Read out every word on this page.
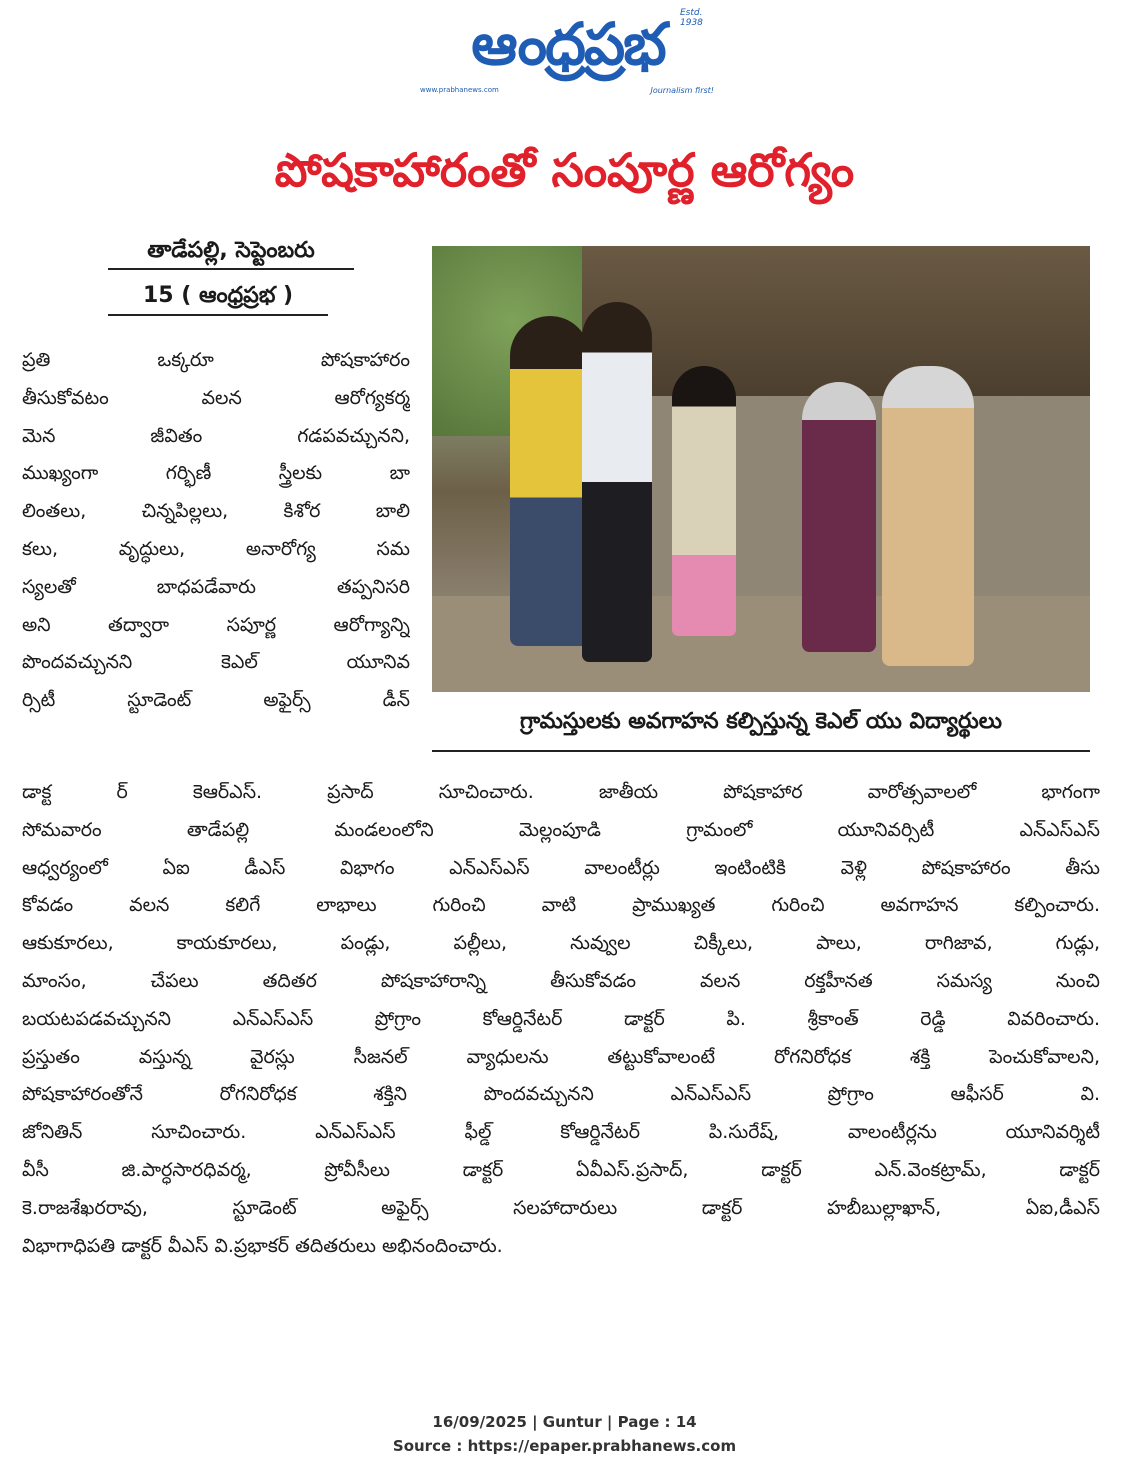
ఆంధ్రప్రభ	Estd. 1938
www.prabhanews.com	Journalism first!
పోషకాహారంతో సంపూర్ణ ఆరోగ్యం
తాడేపల్లి, సెప్టెంబరు
15 ( ఆంధ్రప్రభ )
ప్రతి ఒక్కరూ పోషకాహారం
తీసుకోవటం వలన ఆరోగ్యకర్మ
మెన జీవితం గడపవచ్చునని,
ముఖ్యంగా గర్భిణీ స్త్రీలకు బా
లింతలు, చిన్నపిల్లలు, కిశోర బాలి
కలు, వృద్ధులు, అనారోగ్య సమ
స్యలతో బాధపడేవారు తప్పనిసరి
అని తద్వారా సపూర్ణ ఆరోగ్యాన్ని
పొందవచ్చునని కెఎల్ యూనివ
ర్సిటీ స్టూడెంట్ అఫైర్స్ డీన్
గ్రామస్తులకు అవగాహన కల్పిస్తున్న కెఎల్ యు విద్యార్థులు
డాక్ట ర్ కెఆర్ఎస్. ప్రసాద్ సూచించారు. జాతీయ పోషకాహార వారోత్సవాలలో భాగంగా
సోమవారం తాడేపల్లి మండలంలోని మెల్లంపూడి గ్రామంలో యూనివర్సిటీ ఎన్ఎస్ఎస్
ఆధ్వర్యంలో ఏఐ డీఎస్ విభాగం ఎన్ఎస్ఎస్ వాలంటీర్లు ఇంటింటికి వెళ్లి పోషకాహారం తీసు
కోవడం వలన కలిగే లాభాలు గురించి వాటి ప్రాముఖ్యత గురించి అవగాహన కల్పించారు.
ఆకుకూరలు, కాయకూరలు, పండ్లు, పల్లీలు, నువ్వుల చిక్కీలు, పాలు, రాగిజావ, గుడ్లు,
మాంసం, చేపలు తదితర పోషకాహారాన్ని తీసుకోవడం వలన రక్తహీనత సమస్య నుంచి
బయటపడవచ్చునని ఎన్ఎస్ఎస్ ప్రోగ్రాం కోఆర్డినేటర్ డాక్టర్ పి. శ్రీకాంత్ రెడ్డి వివరించారు.
ప్రస్తుతం వస్తున్న వైరస్లు సీజనల్ వ్యాధులను తట్టుకోవాలంటే రోగనిరోధక శక్తి పెంచుకోవాలని,
పోషకాహారంతోనే రోగనిరోధక శక్తిని పొందవచ్చునని ఎన్ఎస్ఎస్ ప్రోగ్రాం ఆఫీసర్ వి.
జోనితిన్ సూచించారు. ఎన్ఎస్ఎస్ ఫీల్డ్ కోఆర్డినేటర్ పి.సురేష్, వాలంటీర్లను యూనివర్శిటీ
వీసీ జి.పార్ధసారధివర్మ, ప్రోవీసీలు డాక్టర్ ఏవీఎస్.ప్రసాద్, డాక్టర్ ఎన్.వెంకట్రామ్, డాక్టర్
కె.రాజశేఖరరావు, స్టూడెంట్ అఫైర్స్ సలహాదారులు డాక్టర్ హబీబుల్లాఖాన్, ఏఐ,డీఎస్
విభాగాధిపతి డాక్టర్ వీఎస్ వి.ప్రభాకర్ తదితరులు అభినందించారు.
16/09/2025 | Guntur | Page : 14
Source : https://epaper.prabhanews.com
